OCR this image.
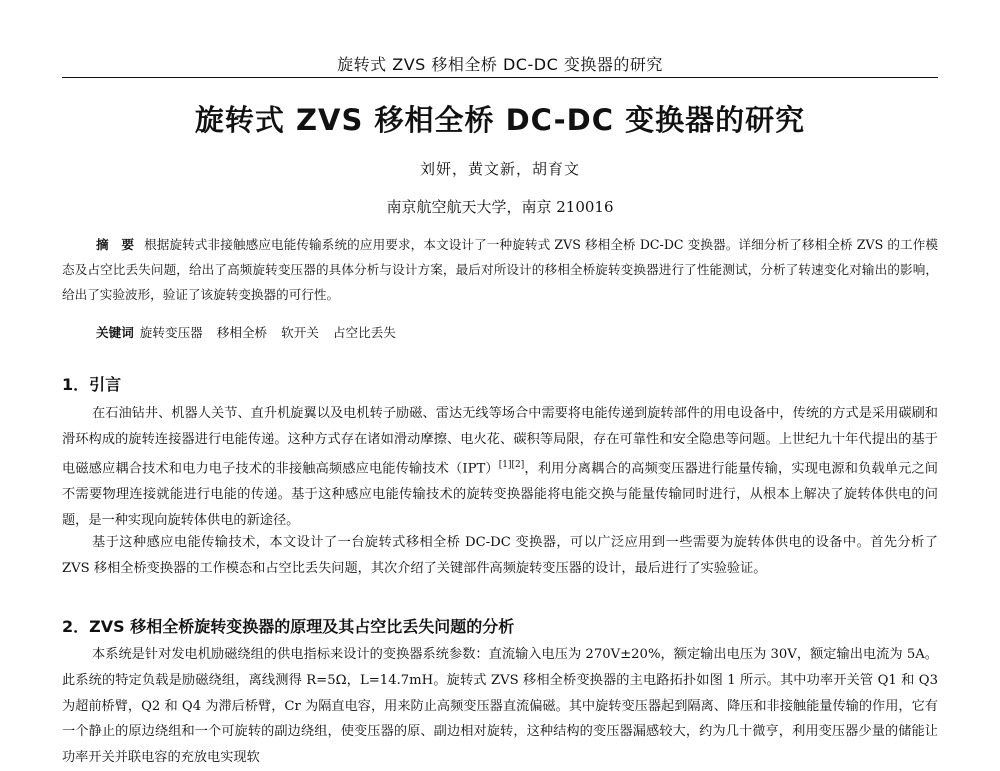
旋转式 ZVS 移相全桥 DC-DC 变换器的研究
旋转式 ZVS 移相全桥 DC-DC 变换器的研究
刘妍，黄文新，胡育文
南京航空航天大学，南京 210016
摘　要 根据旋转式非接触感应电能传输系统的应用要求，本文设计了一种旋转式 ZVS 移相全桥 DC-DC 变换器。详细分析了移相全桥 ZVS 的工作模态及占空比丢失问题，给出了高频旋转变压器的具体分析与设计方案，最后对所设计的移相全桥旋转变换器进行了性能测试，分析了转速变化对输出的影响，给出了实验波形，验证了该旋转变换器的可行性。
关键词 旋转变压器 移相全桥 软开关 占空比丢失
1．引言
在石油钻井、机器人关节、直升机旋翼以及电机转子励磁、雷达无线等场合中需要将电能传递到旋转部件的用电设备中，传统的方式是采用碳刷和滑环构成的旋转连接器进行电能传递。这种方式存在诸如滑动摩擦、电火花、碳积等局限，存在可靠性和安全隐患等问题。上世纪九十年代提出的基于电磁感应耦合技术和电力电子技术的非接触高频感应电能传输技术（IPT）[1][2]，利用分离耦合的高频变压器进行能量传输，实现电源和负载单元之间不需要物理连接就能进行电能的传递。基于这种感应电能传输技术的旋转变换器能将电能交换与能量传输同时进行，从根本上解决了旋转体供电的问题，是一种实现向旋转体供电的新途径。
基于这种感应电能传输技术，本文设计了一台旋转式移相全桥 DC-DC 变换器，可以广泛应用到一些需要为旋转体供电的设备中。首先分析了 ZVS 移相全桥变换器的工作模态和占空比丢失问题，其次介绍了关键部件高频旋转变压器的设计，最后进行了实验验证。
2．ZVS 移相全桥旋转变换器的原理及其占空比丢失问题的分析
本系统是针对发电机励磁绕组的供电指标来设计的变换器系统参数：直流输入电压为 270V±20%，额定输出电压为 30V，额定输出电流为 5A。此系统的特定负载是励磁绕组，离线测得 R=5Ω，L=14.7mH。旋转式 ZVS 移相全桥变换器的主电路拓扑如图 1 所示。其中功率开关管 Q1 和 Q3 为超前桥臂，Q2 和 Q4 为滞后桥臂，Cr 为隔直电容，用来防止高频变压器直流偏磁。其中旋转变压器起到隔离、降压和非接触能量传输的作用，它有一个静止的原边绕组和一个可旋转的副边绕组，使变压器的原、副边相对旋转，这种结构的变压器漏感较大，约为几十微亨，利用变压器少量的储能让功率开关并联电容的充放电实现软
